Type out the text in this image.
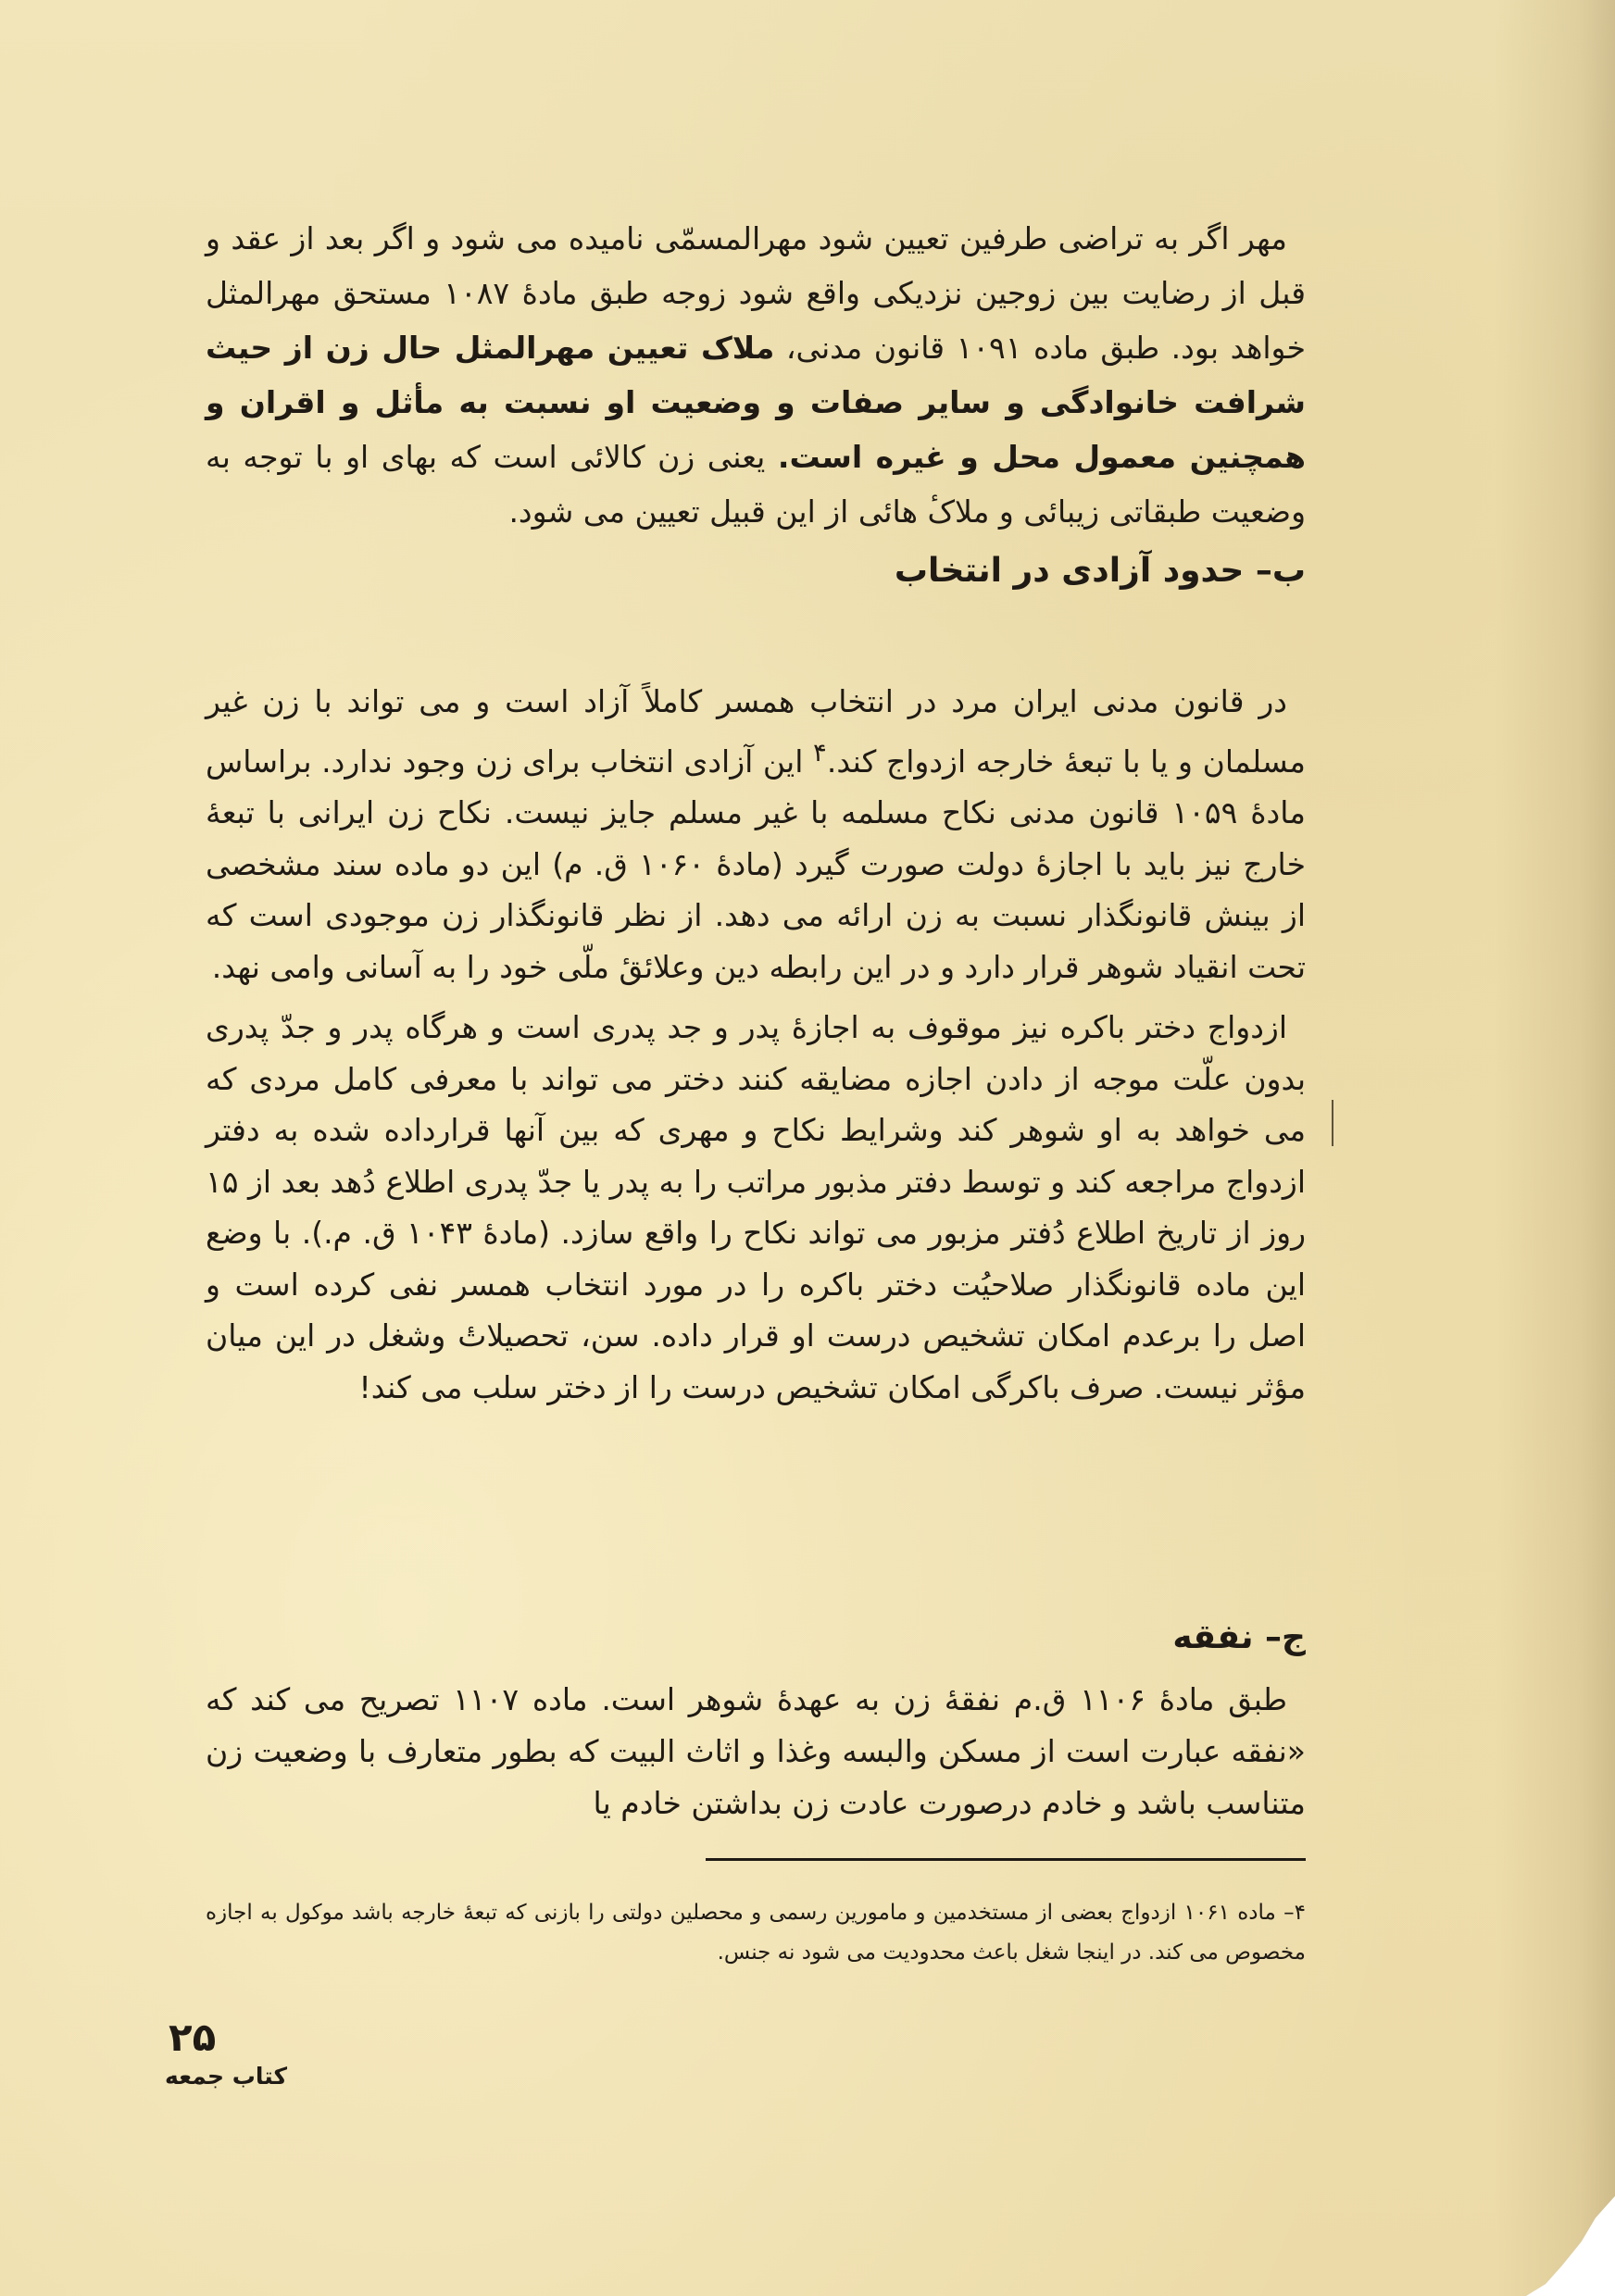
مهر اگر به تراضی طرفین تعیین شود مهرالمسمّی نامیده می شود و اگر بعد از عقد و قبل از رضایت بین زوجین نزدیکی واقع شود زوجه طبق مادهٔ ۱۰۸۷ مستحق مهرالمثل خواهد بود. طبق ماده ۱۰۹۱ قانون مدنی، ملاک تعیین مهرالمثل حال زن از حیث شرافت خانوادگی و سایر صفات و وضعیت او نسبت به مأثل و اقران و همچنین معمول محل و غیره است. یعنی زن کالائی است که بهای او با توجه به وضعیت طبقاتی زیبائی و ملاکٔ هائی از این قبیل تعیین می شود.

ب– حدود آزادی در انتخاب

در قانون مدنی ایران مرد در انتخاب همسر کاملاً آزاد است و می تواند با زن غیر مسلمان و یا با تبعهٔ خارجه ازدواج کند.$^۴$ این آزادی انتخاب برای زن وجود ندارد. براساس مادهٔ ۱۰۵۹ قانون مدنی نکاح مسلمه با غیر مسلم جایز نیست. نکاح زن ایرانی با تبعهٔ خارج نیز باید با اجازهٔ دولت صورت گیرد (مادهٔ ۱۰۶۰ ق. م) این دو ماده سند مشخصی از بینش قانونگذار نسبت به زن ارائه می دهد. از نظر قانونگذار زن موجودی است که تحت انقیاد شوهر قرار دارد و در این رابطه دین وعلائقٔ ملّی خود را به آسانی وامی نهد.

ازدواج دختر باکره نیز موقوف به اجازهٔ پدر و جد پدری است و هرگاه پدر و جدّ پدری بدون علّت موجه از دادن اجازه مضایقه کنند دختر می تواند با معرفی کامل مردی که می خواهد به او شوهر کند وشرایط نکاح و مهری که بین آنها قرارداده شده به دفتر ازدواج مراجعه کند و توسط دفتر مذبور مراتب را به پدر یا جدّ پدری اطلاع دُهد بعد از ۱۵ روز از تاریخ اطلاع دُفتر مزبور می تواند نکاح را واقع سازد. (مادهٔ ۱۰۴۳ ق. م.). با وضع این ماده قانونگذار صلاحیُت دختر باکره را در مورد انتخاب همسر نفی کرده است و اصل را برعدم امکان تشخیص درست او قرار داده. سن، تحصیلاتٔ وشغل در این میان مؤثر نیست. صرف باکرگی امکان تشخیص درست را از دختر سلب می کند!

ج– نفقه

طبق مادهٔ ۱۱۰۶ ق.م نفقهٔ زن به عهدهٔ شوهر است. ماده ۱۱۰۷ تصریح می کند که «نفقه عبارت است از مسکن والبسه وغذا و اثاث البیت که بطور متعارف با وضعیت زن متناسب باشد و خادم درصورت عادت زن بداشتن خادم یا

۴– ماده ۱۰۶۱ ازدواج بعضی از مستخدمین و مامورین رسمی و محصلین دولتی را بازنی که تبعهٔ خارجه باشد موکول به اجازه مخصوص می کند. در اینجا شغل باعث محدودیت می شود نه جنس.

۲۵
کتاب جمعه
